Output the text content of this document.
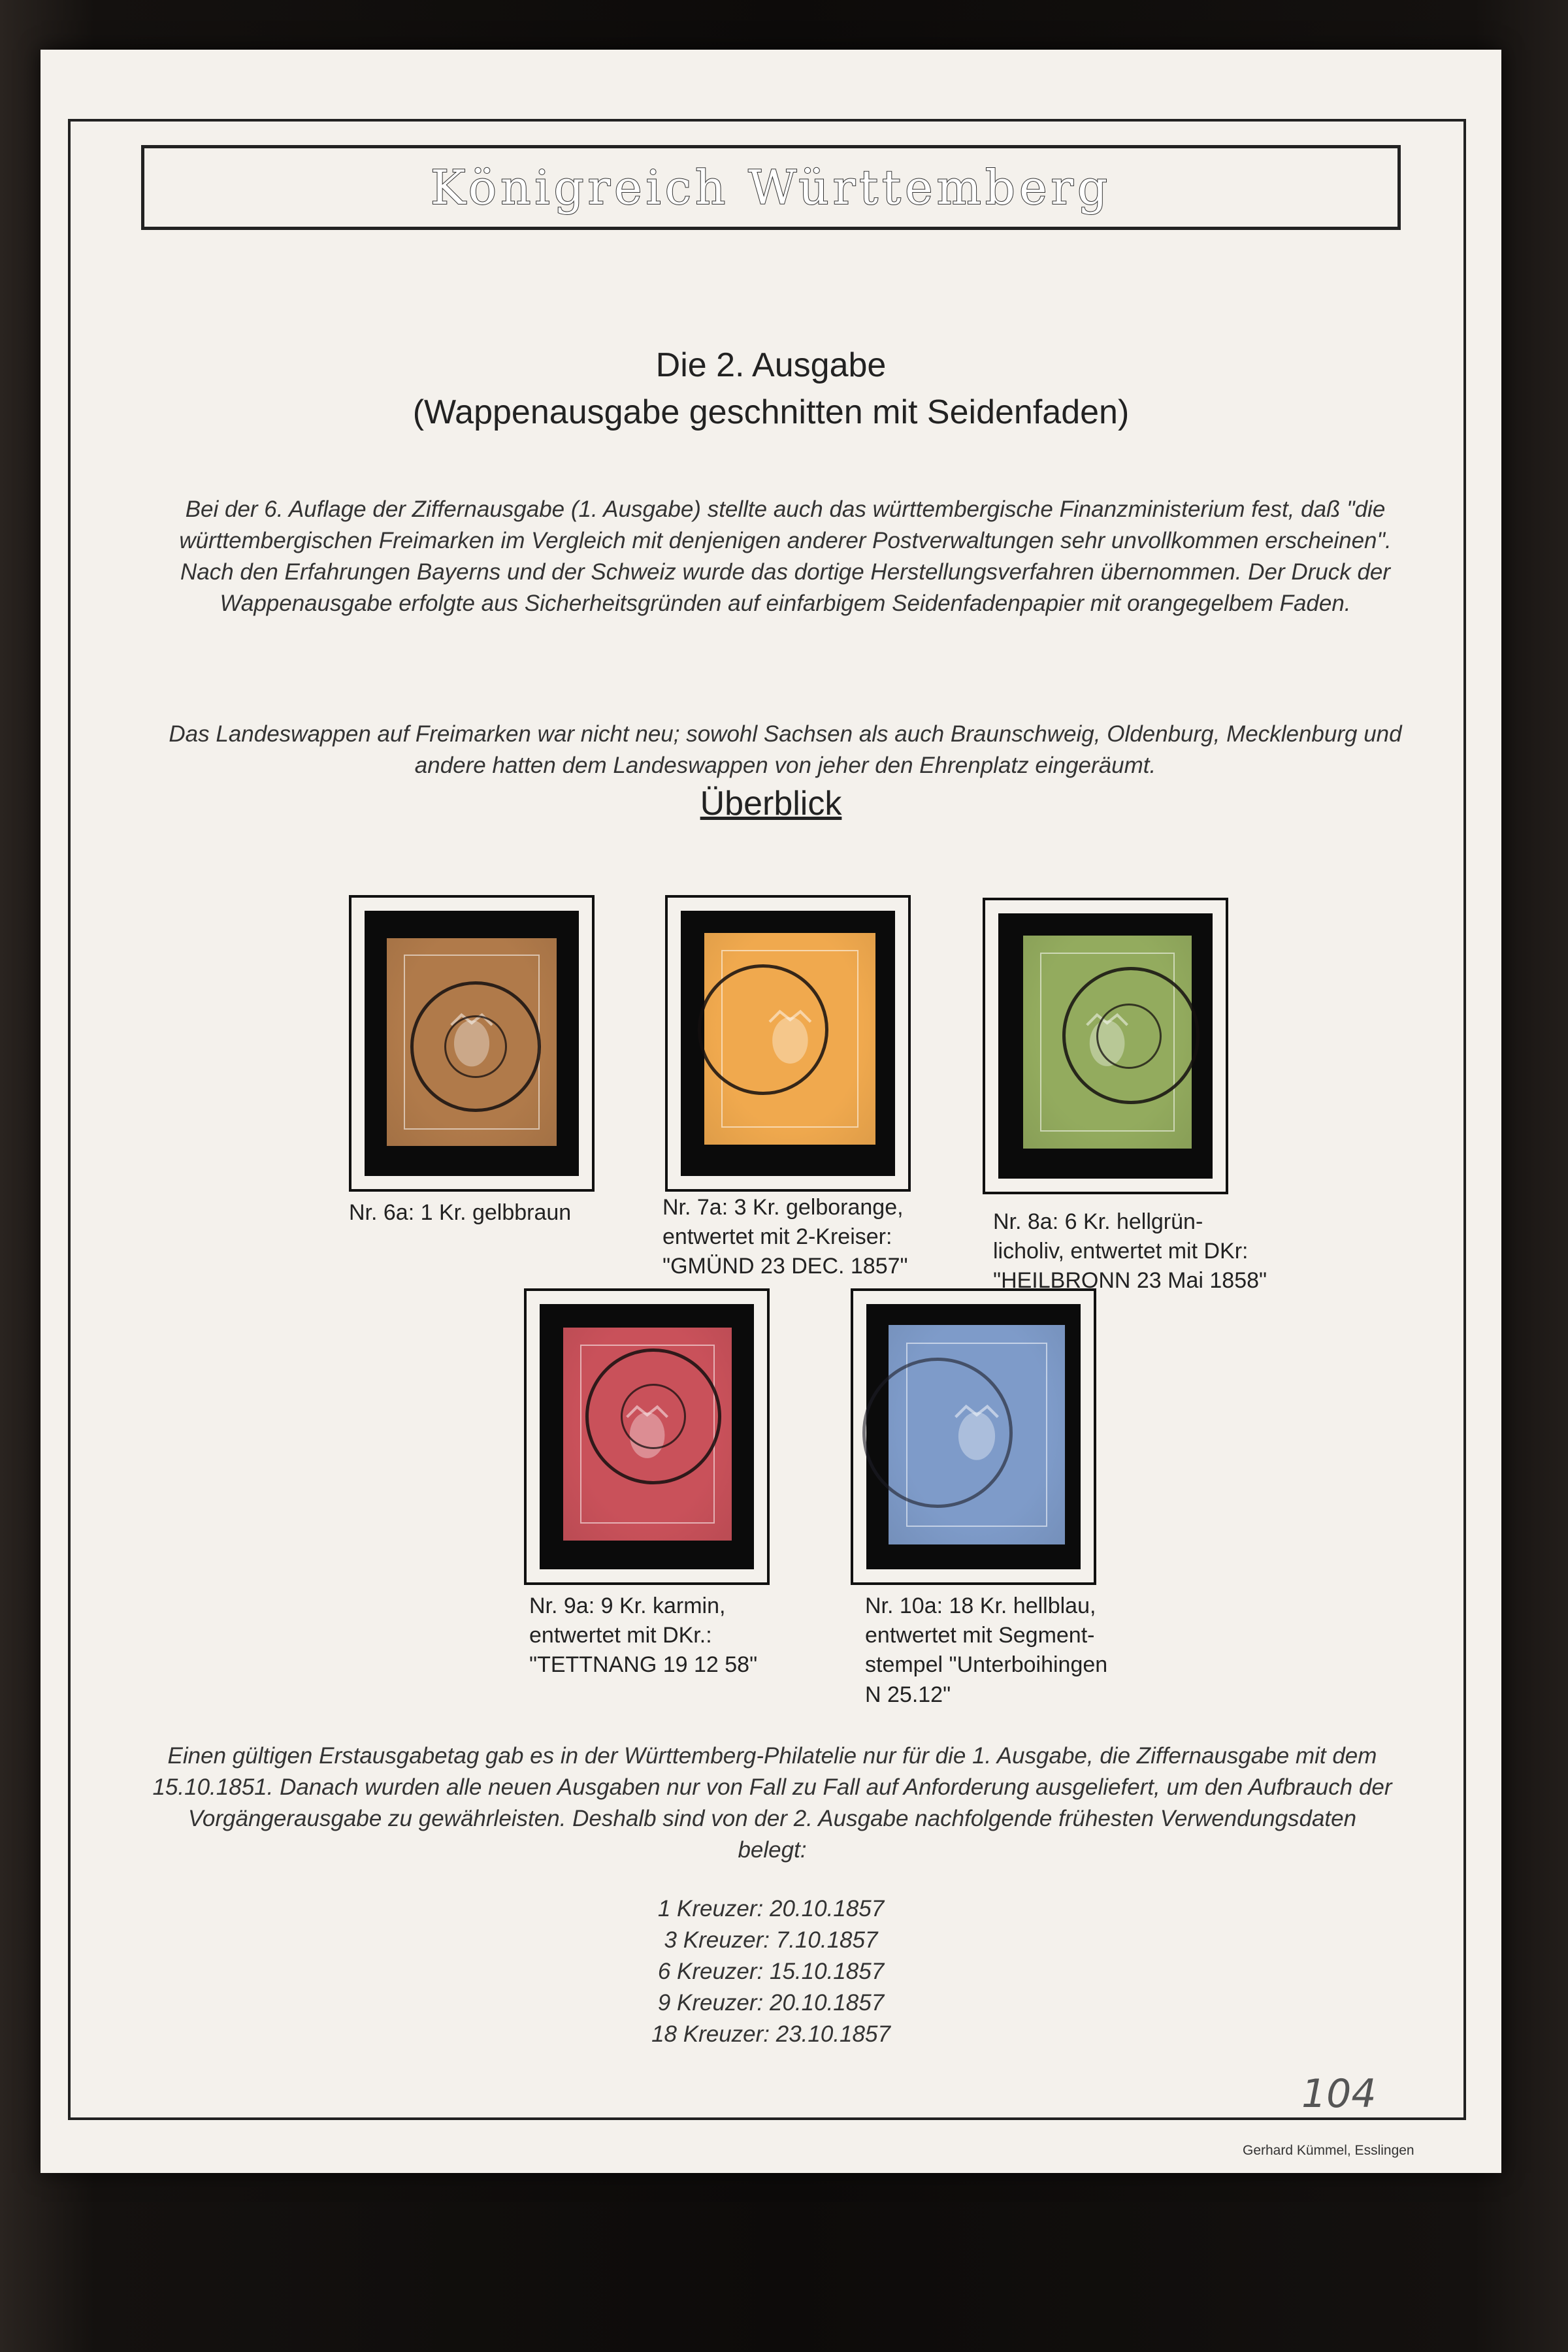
Königreich Württemberg
Die 2. Ausgabe
(Wappenausgabe geschnitten mit Seidenfaden)
Bei der 6. Auflage der Ziffernausgabe (1. Ausgabe) stellte auch das württembergische Finanzministerium fest, daß "die württembergischen Freimarken im Vergleich mit denjenigen anderer Postverwaltungen sehr unvollkommen erscheinen". Nach den Erfahrungen Bayerns und der Schweiz wurde das dortige Herstellungsverfahren übernommen. Der Druck der Wappenausgabe erfolgte aus Sicherheitsgründen auf einfarbigem Seidenfadenpapier mit orangegelbem Faden.
Das Landeswappen auf Freimarken war nicht neu; sowohl Sachsen als auch Braunschweig, Oldenburg, Mecklenburg und andere hatten dem Landeswappen von jeher den Ehrenplatz eingeräumt.
Überblick
Nr. 6a: 1 Kr. gelbbraun	Nr. 7a: 3 Kr. gelborange,
entwertet mit 2-Kreiser:
"GMÜND 23 DEC. 1857"
Nr. 8a: 6 Kr. hellgrün-
licholiv, entwertet mit DKr:
"HEILBRONN 23 Mai 1858"
Nr. 9a: 9 Kr. karmin,
entwertet mit DKr.:
"TETTNANG 19 12 58"
Nr. 10a: 18 Kr. hellblau,
entwertet mit Segment-
stempel "Unterboihingen
N 25.12"
Einen gültigen Erstausgabetag gab es in der Württemberg-Philatelie nur für die 1. Ausgabe, die Ziffernausgabe mit dem 15.10.1851. Danach wurden alle neuen Ausgaben nur von Fall zu Fall auf Anforderung ausgeliefert, um den Aufbrauch der Vorgängerausgabe zu gewährleisten. Deshalb sind von der 2. Ausgabe nachfolgende frühesten Verwendungsdaten belegt:
1 Kreuzer: 20.10.1857
3 Kreuzer: 7.10.1857
6 Kreuzer: 15.10.1857
9 Kreuzer: 20.10.1857
18 Kreuzer: 23.10.1857
104
Gerhard Kümmel, Esslingen
